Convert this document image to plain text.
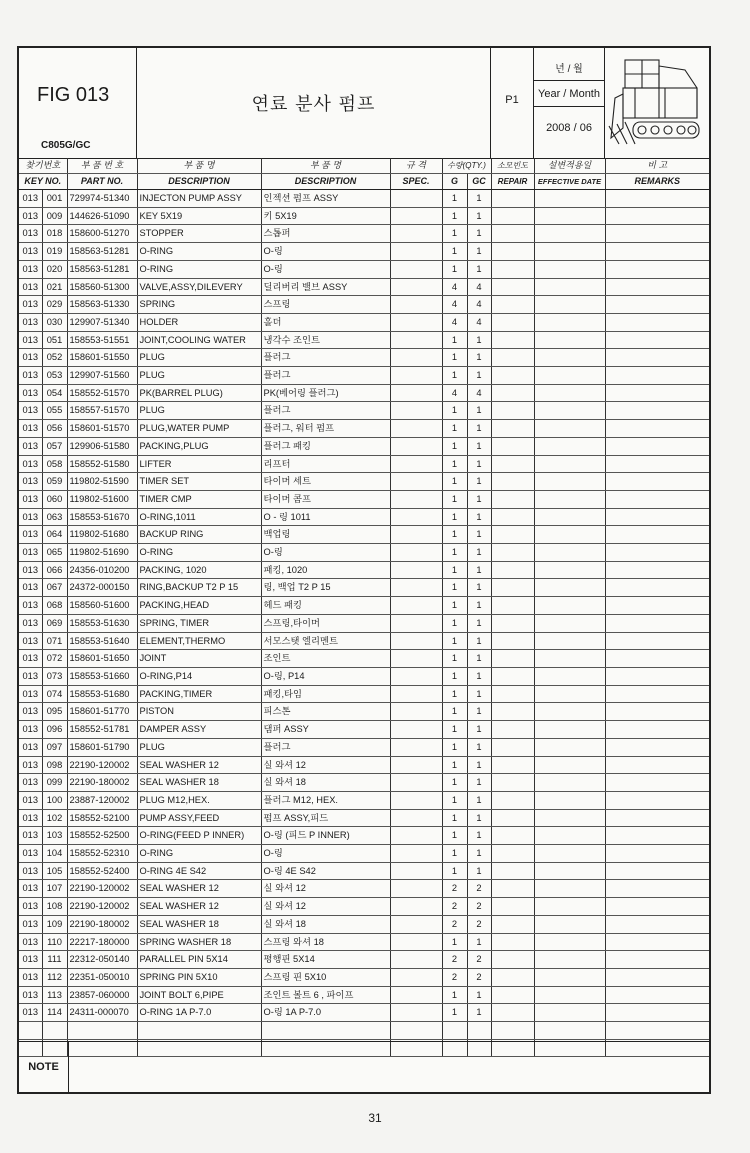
FIG 013
C805G/GC
연료 분사 펌프	P1
년 / 월
Year / Month
2008 / 06
찾기번호		부 품 번 호	부 품 명	부 품 명	규 격	수량(QTY.)		소모빈도	설변적용일	비 고
KEY NO.		PART NO.	DESCRIPTION	DESCRIPTION	SPEC.	G	GC	REPAIR	EFFECTIVE DATE	REMARKS
013	001	729974-51340	INJECTON PUMP ASSY	인젝션 펌프 ASSY		1	1			
013	009	144626-51090	KEY 5X19	키 5X19		1	1			
013	018	158600-51270	STOPPER	스톱퍼		1	1			
013	019	158563-51281	O-RING	O-링		1	1			
013	020	158563-51281	O-RING	O-링		1	1			
013	021	158560-51300	VALVE,ASSY,DILEVERY	딜리버리 밸브 ASSY		4	4			
013	029	158563-51330	SPRING	스프링		4	4			
013	030	129907-51340	HOLDER	홀더		4	4			
013	051	158553-51551	JOINT,COOLING WATER	냉각수 조인트		1	1			
013	052	158601-51550	PLUG	플러그		1	1			
013	053	129907-51560	PLUG	플러그		1	1			
013	054	158552-51570	PK(BARREL PLUG)	PK(베어링 플러그)		4	4			
013	055	158557-51570	PLUG	플러그		1	1			
013	056	158601-51570	PLUG,WATER PUMP	플러그, 워터 펌프		1	1			
013	057	129906-51580	PACKING,PLUG	플러그 패킹		1	1			
013	058	158552-51580	LIFTER	리프터		1	1			
013	059	119802-51590	TIMER SET	타이머 세트		1	1			
013	060	119802-51600	TIMER CMP	타이머 콤프		1	1			
013	063	158553-51670	O-RING,1011	O - 링 1011		1	1			
013	064	119802-51680	BACKUP RING	백업링		1	1			
013	065	119802-51690	O-RING	O-링		1	1			
013	066	24356-010200	PACKING, 1020	패킹, 1020		1	1			
013	067	24372-000150	RING,BACKUP T2 P 15	링, 백업 T2 P 15		1	1			
013	068	158560-51600	PACKING,HEAD	헤드 패킹		1	1			
013	069	158553-51630	SPRING, TIMER	스프링,타이머		1	1			
013	071	158553-51640	ELEMENT,THERMO	서모스탯 엘리멘트		1	1			
013	072	158601-51650	JOINT	조인트		1	1			
013	073	158553-51660	O-RING,P14	O-링, P14		1	1			
013	074	158553-51680	PACKING,TIMER	패킹,타임		1	1			
013	095	158601-51770	PISTON	피스톤		1	1			
013	096	158552-51781	DAMPER ASSY	댐퍼 ASSY		1	1			
013	097	158601-51790	PLUG	플러그		1	1			
013	098	22190-120002	SEAL WASHER 12	실 와셔 12		1	1			
013	099	22190-180002	SEAL WASHER 18	실 와셔 18		1	1			
013	100	23887-120002	PLUG M12,HEX.	플러그 M12, HEX.		1	1			
013	102	158552-52100	PUMP ASSY,FEED	펌프 ASSY,피드		1	1			
013	103	158552-52500	O-RING(FEED P INNER)	O-링 (피드 P INNER)		1	1			
013	104	158552-52310	O-RING	O-링		1	1			
013	105	158552-52400	O-RING 4E S42	O-링 4E S42		1	1			
013	107	22190-120002	SEAL WASHER 12	실 와셔 12		2	2			
013	108	22190-120002	SEAL WASHER 12	실 와셔 12		2	2			
013	109	22190-180002	SEAL WASHER 18	실 와셔 18		2	2			
013	110	22217-180000	SPRING WASHER 18	스프링 와셔 18		1	1			
013	111	22312-050140	PARALLEL PIN 5X14	평행핀 5X14		2	2			
013	112	22351-050010	SPRING PIN 5X10	스프링 핀 5X10		2	2			
013	113	23857-060000	JOINT BOLT 6,PIPE	조인트 볼트 6 , 파이프		1	1			
013	114	24311-000070	O-RING 1A P-7.0	O-링 1A P-7.0		1	1			

NOTE
31
